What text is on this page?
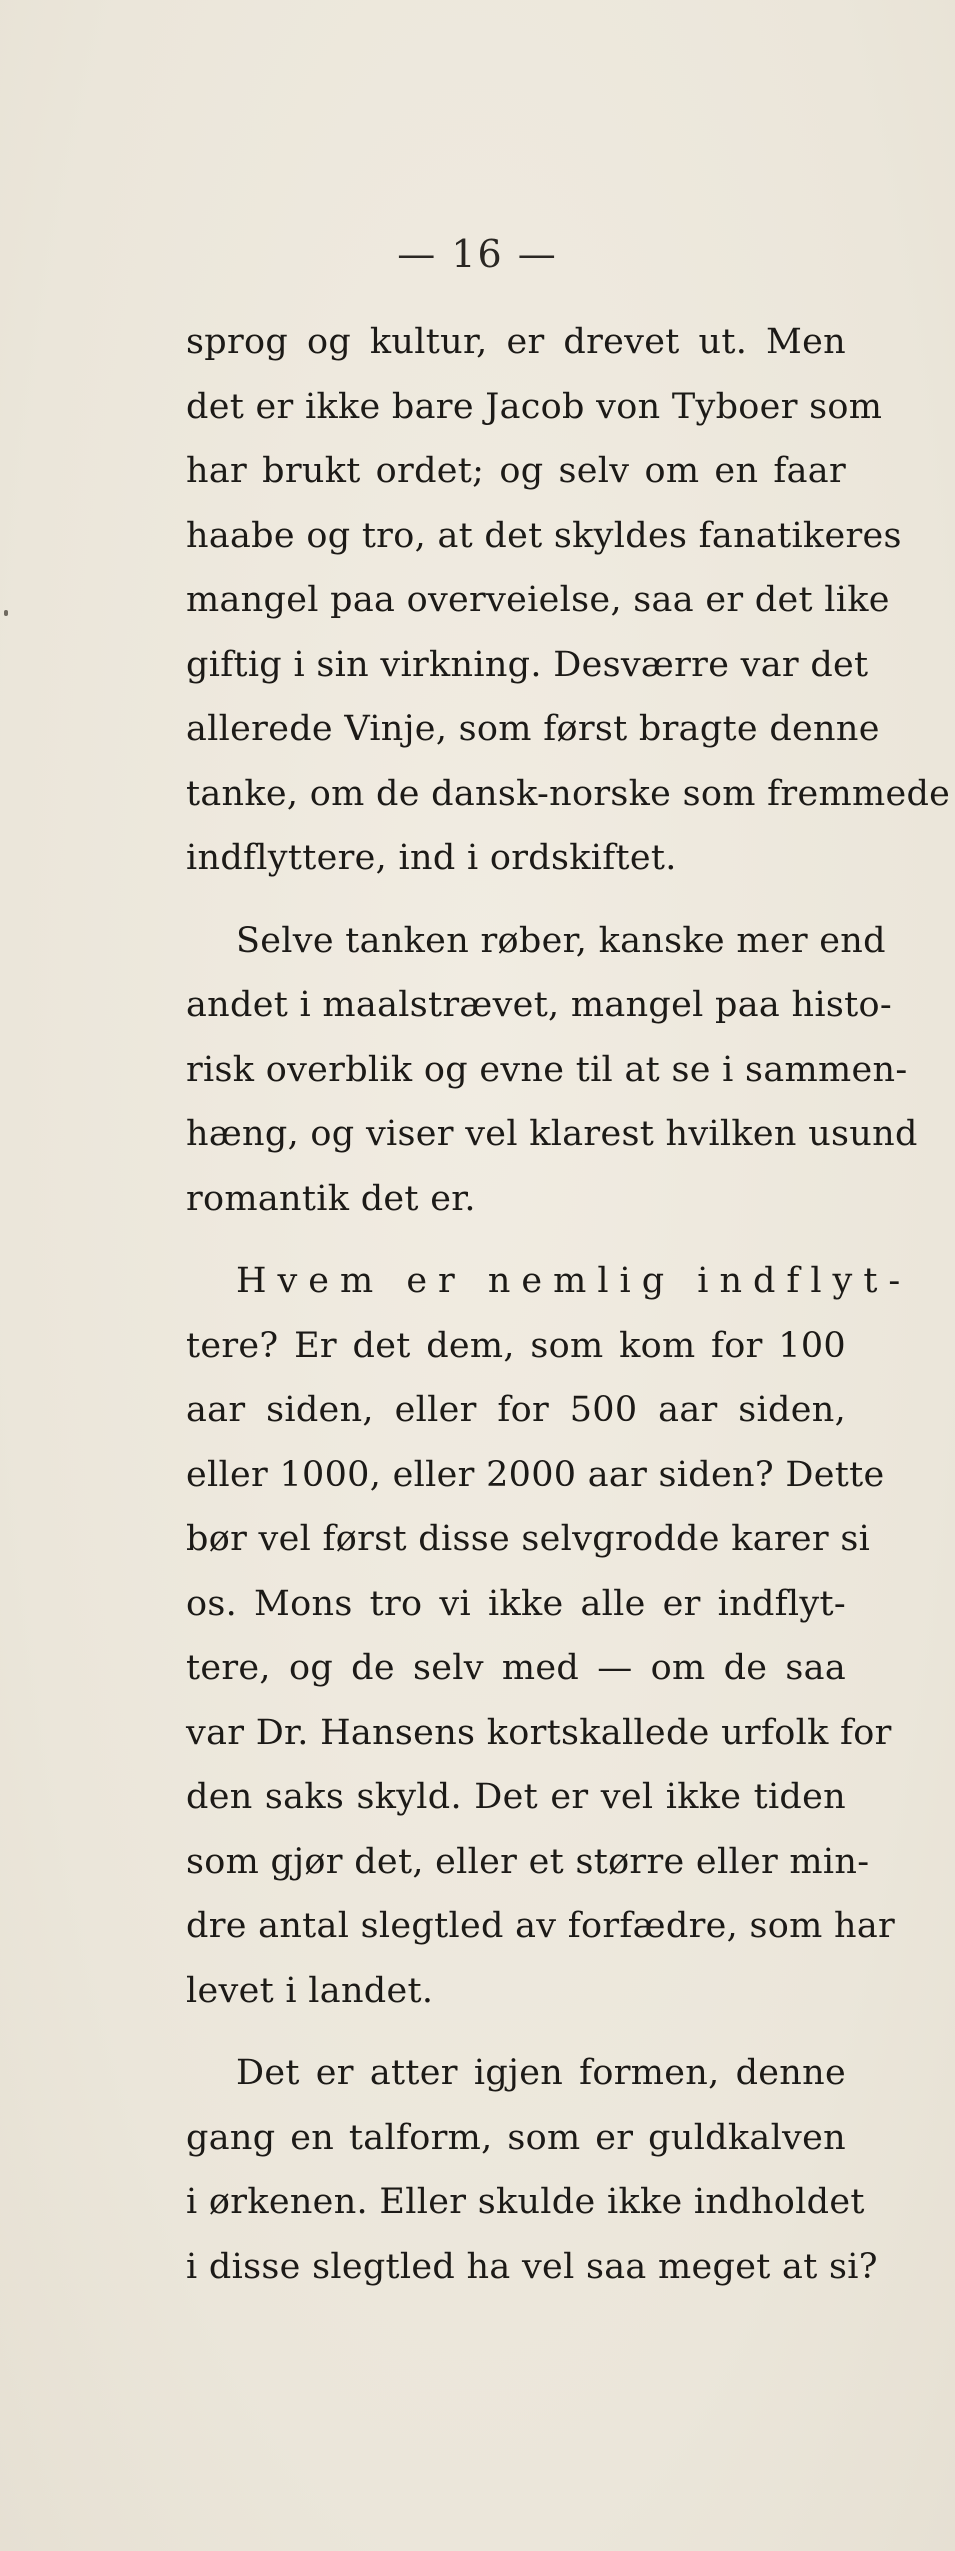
— 16 —
sprog og kultur, er drevet ut. Men
det er ikke bare Jacob von Tyboer som
har brukt ordet; og selv om en faar
haabe og tro, at det skyldes fanatikeres
mangel paa overveielse, saa er det like
giftig i sin virkning. Desværre var det
allerede Vinje, som først bragte denne
tanke, om de dansk-norske som fremmede
indflyttere, ind i ordskiftet.
Selve tanken røber, kanske mer end
andet i maalstrævet, mangel paa histo-
risk overblik og evne til at se i sammen-
hæng, og viser vel klarest hvilken usund
romantik det er.
Hvem er nemlig indflyt-
tere? Er det dem, som kom for 100
aar siden, eller for 500 aar siden,
eller 1000, eller 2000 aar siden? Dette
bør vel først disse selvgrodde karer si
os. Mons tro vi ikke alle er indflyt-
tere, og de selv med — om de saa
var Dr. Hansens kortskallede urfolk for
den saks skyld. Det er vel ikke tiden
som gjør det, eller et større eller min-
dre antal slegtled av forfædre, som har
levet i landet.
Det er atter igjen formen, denne
gang en talform, som er guldkalven
i ørkenen. Eller skulde ikke indholdet
i disse slegtled ha vel saa meget at si?
